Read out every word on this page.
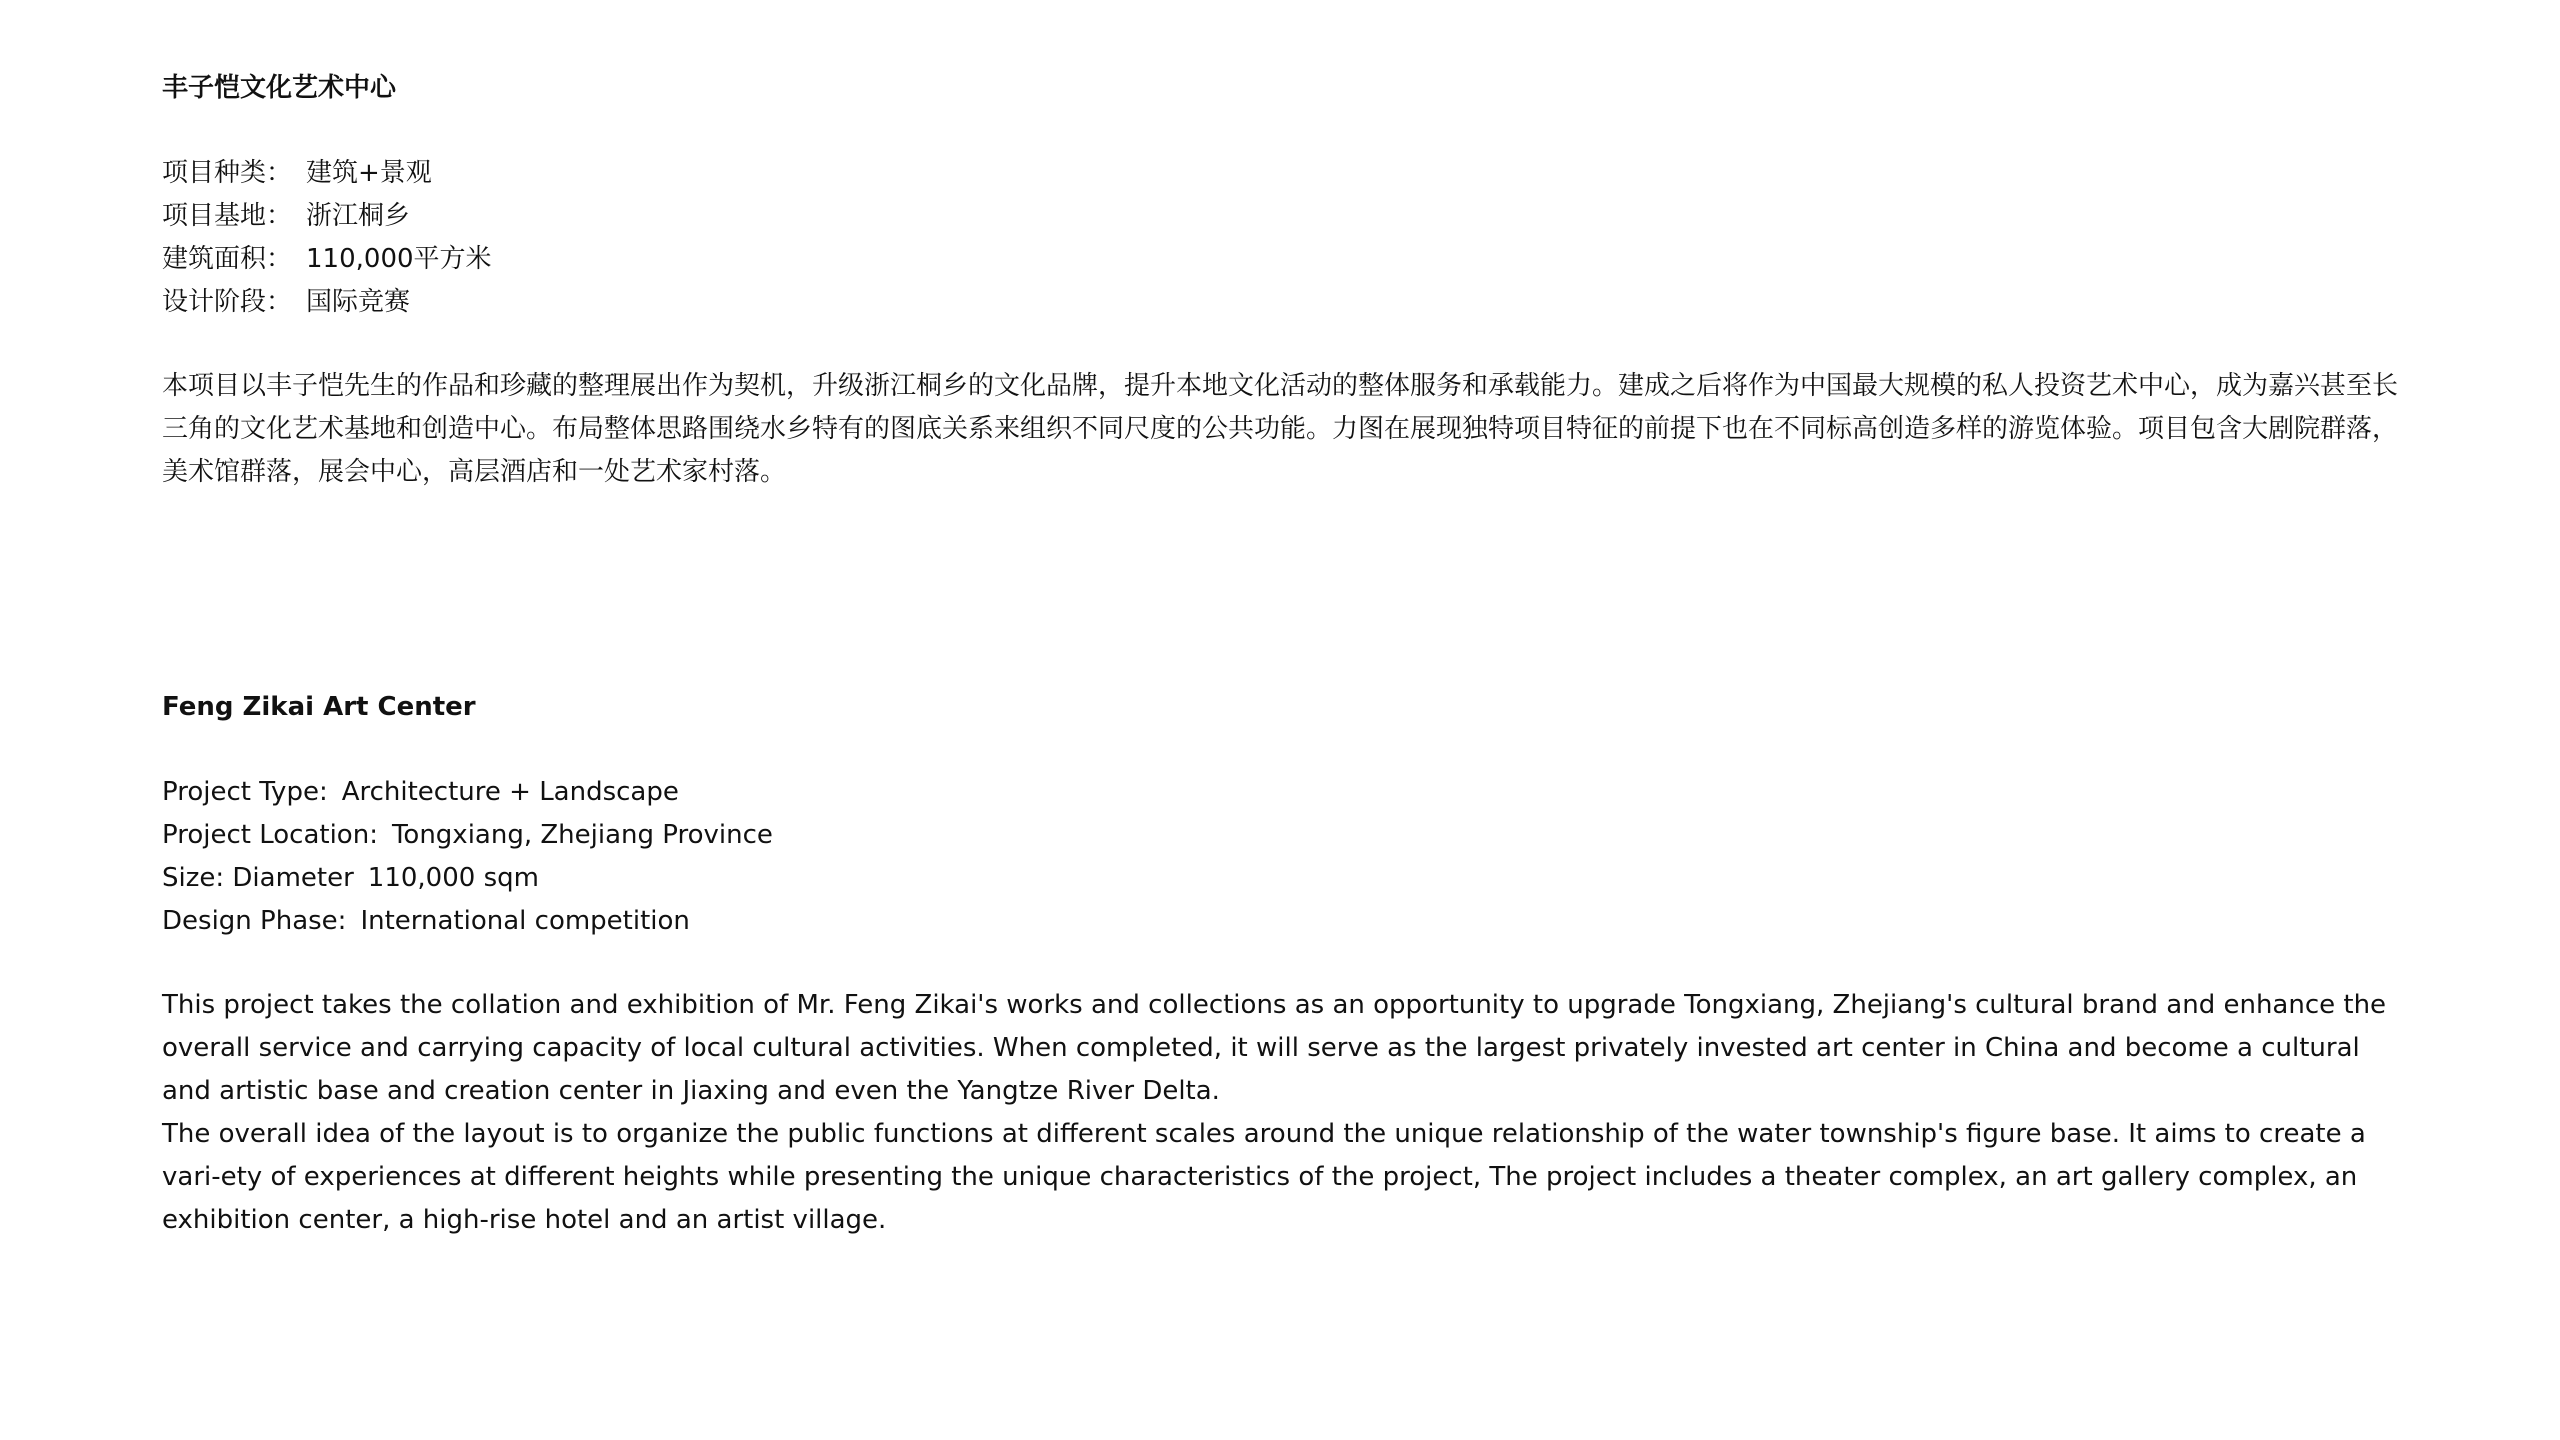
丰子恺文化艺术中心
项目种类： 建筑+景观
项目基地： 浙江桐乡
建筑面积： 110,000平方米
设计阶段： 国际竞赛

本项目以丰子恺先生的作品和珍藏的整理展出作为契机，升级浙江桐乡的文化品牌，提升本地文化活动的整体服务和承载能力。建成之后将作为中国最大规模的私人投资艺术中心，成为嘉兴甚至长三角的文化艺术基地和创造中心。布局整体思路围绕水乡特有的图底关系来组织不同尺度的公共功能。力图在展现独特项目特征的前提下也在不同标高创造多样的游览体验。项目包含大剧院群落，美术馆群落，展会中心，高层酒店和一处艺术家村落。

Feng Zikai Art Center
Project Type: Architecture + Landscape
Project Location: Tongxiang, Zhejiang Province
Size: Diameter 110,000 sqm
Design Phase: International competition

This project takes the collation and exhibition of Mr. Feng Zikai's works and collections as an opportunity to upgrade Tongxiang, Zhejiang's cultural brand and enhance the overall service and carrying capacity of local cultural activities. When completed, it will serve as the largest privately invested art center in China and become a cultural and artistic base and creation center in Jiaxing and even the Yangtze River Delta.

The overall idea of the layout is to organize the public functions at different scales around the unique relationship of the water township's figure base. It aims to create a vari-ety of experiences at different heights while presenting the unique characteristics of the project, The project includes a theater complex, an art gallery complex, an exhibition center, a high-rise hotel and an artist village.
